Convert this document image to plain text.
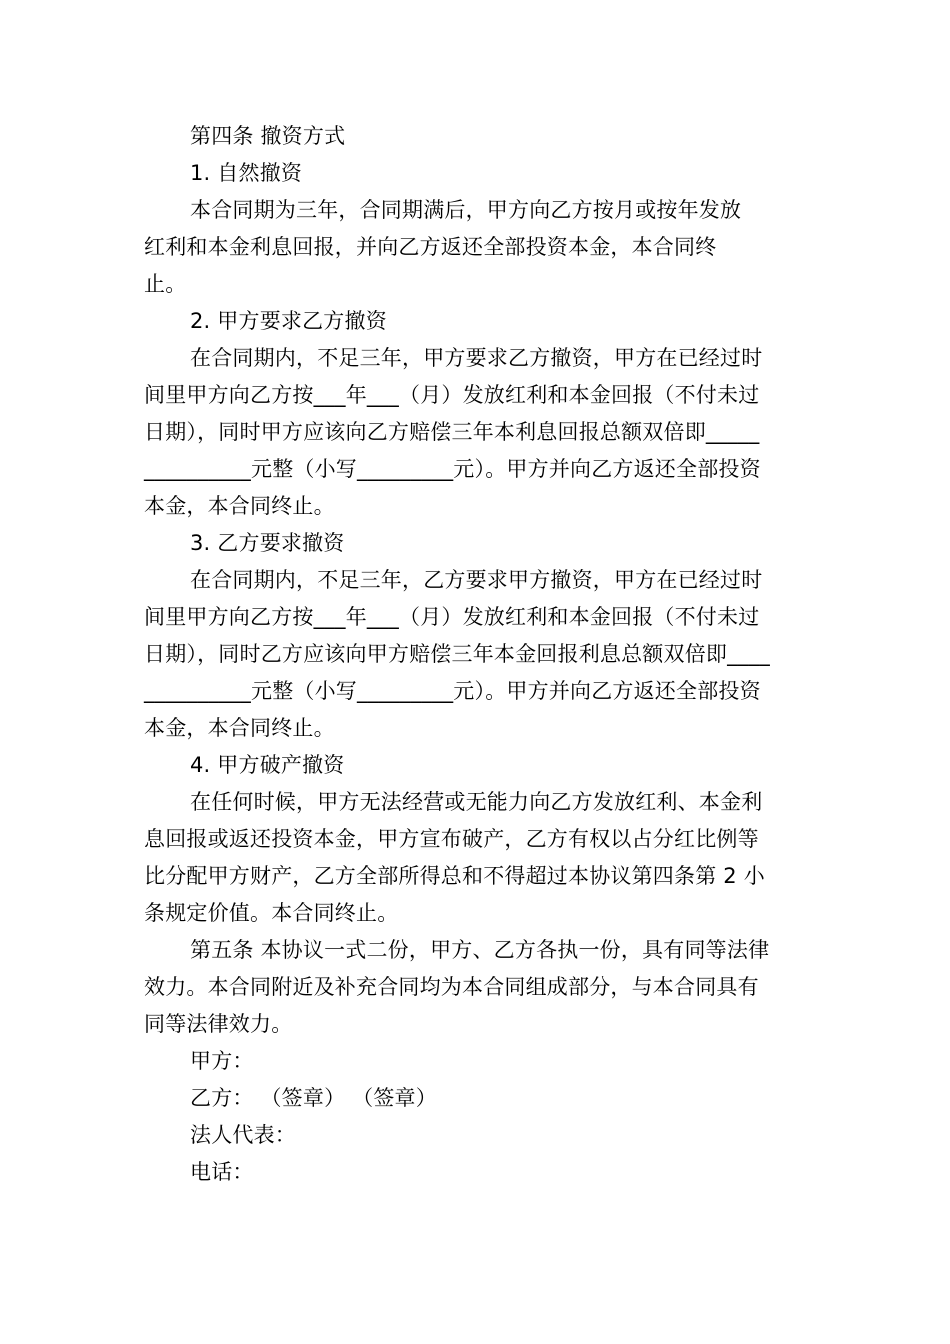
第四条 撤资方式
1. 自然撤资
本合同期为三年，合同期满后，甲方向乙方按月或按年发放
红利和本金利息回报，并向乙方返还全部投资本金，本合同终
止。
2. 甲方要求乙方撤资
在合同期内，不足三年，甲方要求乙方撤资，甲方在已经过时
间里甲方向乙方按___年___（月）发放红利和本金回报（不付未过
日期），同时甲方应该向乙方赔偿三年本利息回报总额双倍即_____
__________元整（小写_________元）。甲方并向乙方返还全部投资
本金，本合同终止。
3. 乙方要求撤资
在合同期内，不足三年，乙方要求甲方撤资，甲方在已经过时
间里甲方向乙方按___年___（月）发放红利和本金回报（不付未过
日期），同时乙方应该向甲方赔偿三年本金回报利息总额双倍即____
__________元整（小写_________元）。甲方并向乙方返还全部投资
本金，本合同终止。
4. 甲方破产撤资
在任何时候，甲方无法经营或无能力向乙方发放红利、本金利
息回报或返还投资本金，甲方宣布破产，乙方有权以占分红比例等
比分配甲方财产，乙方全部所得总和不得超过本协议第四条第 2 小
条规定价值。本合同终止。
第五条 本协议一式二份，甲方、乙方各执一份，具有同等法律
效力。本合同附近及补充合同均为本合同组成部分，与本合同具有
同等法律效力。
甲方：
乙方： （签章） （签章）
法人代表：
电话：
